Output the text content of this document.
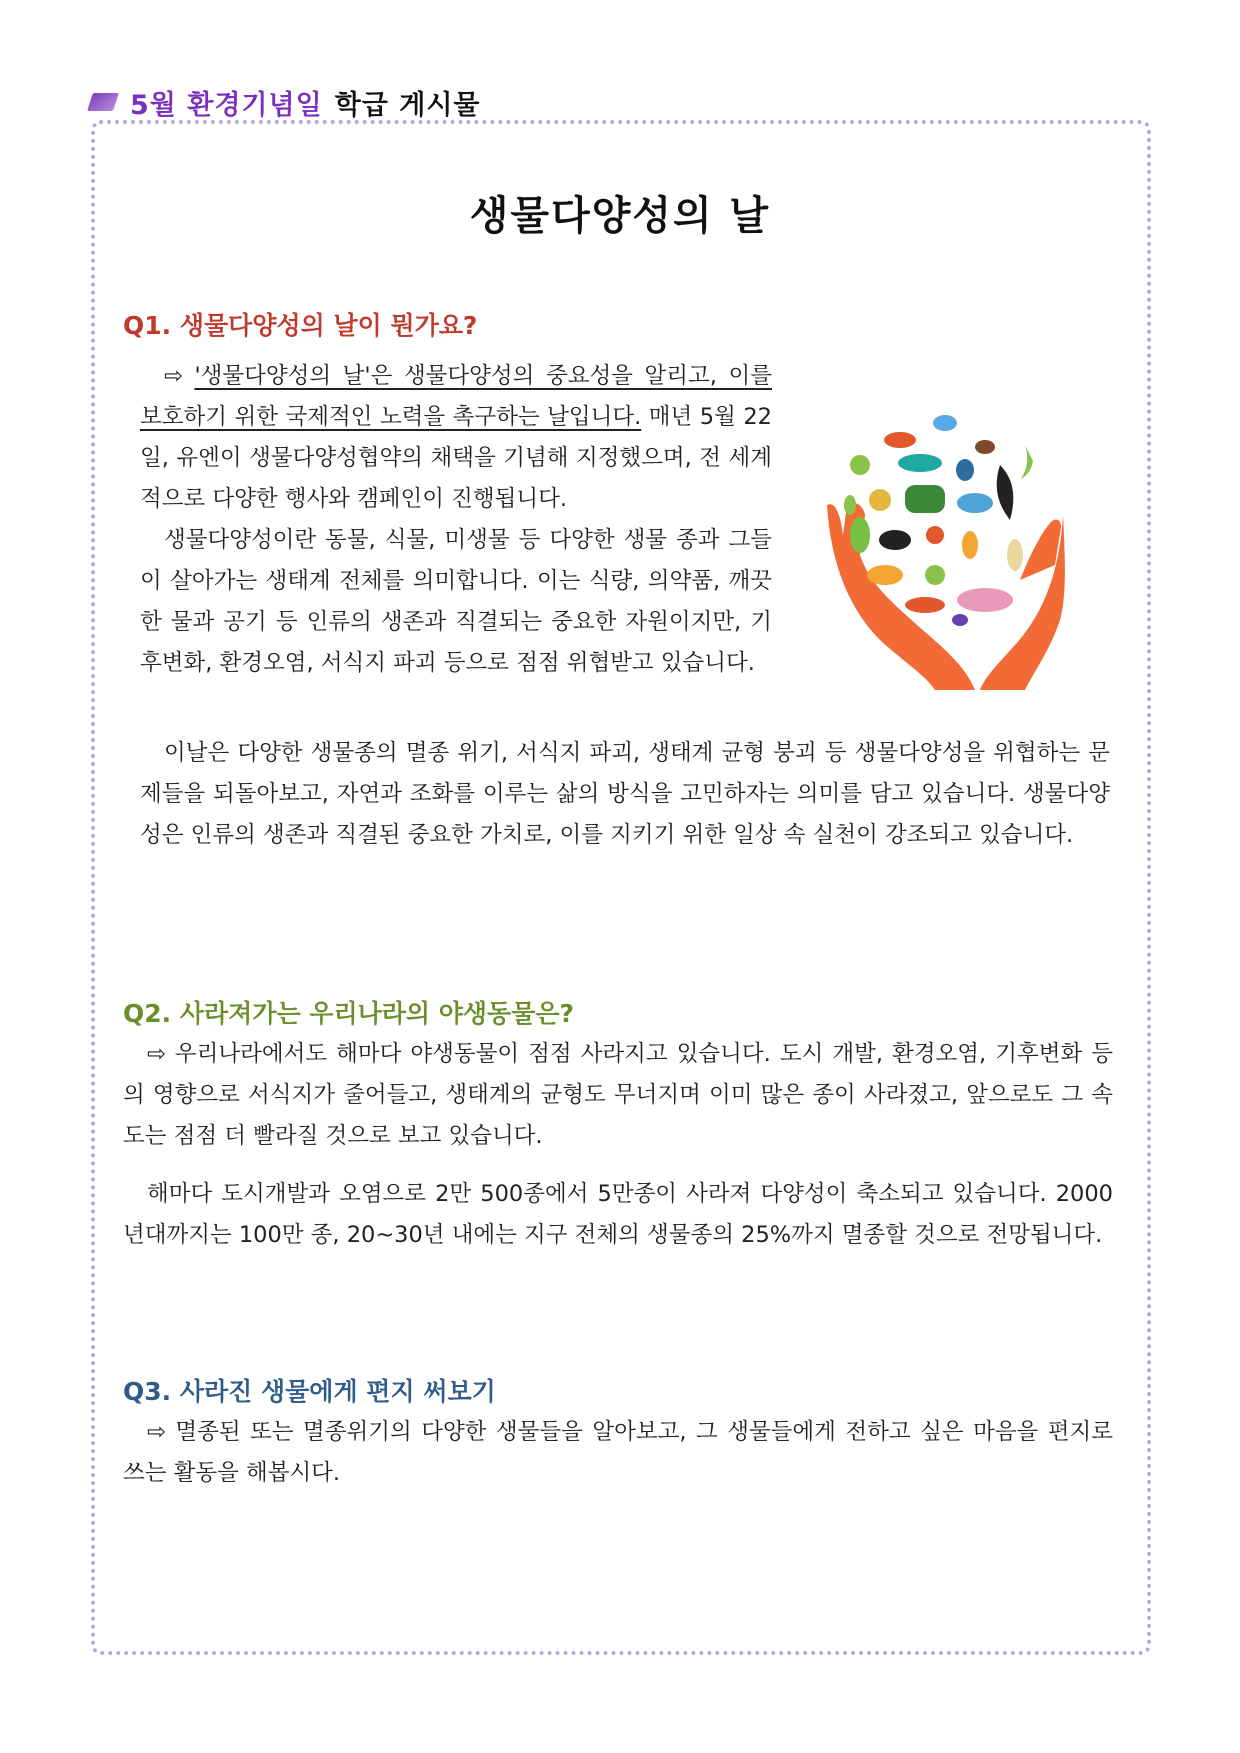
5월 환경기념일 학급 게시물
생물다양성의 날
Q1. 생물다양성의 날이 뭔가요?
⇨ '생물다양성의 날'은 생물다양성의 중요성을 알리고, 이를 보호하기 위한 국제적인 노력을 촉구하는 날입니다. 매년 5월 22일, 유엔이 생물다양성협약의 채택을 기념해 지정했으며, 전 세계적으로 다양한 행사와 캠페인이 진행됩니다.
생물다양성이란 동물, 식물, 미생물 등 다양한 생물 종과 그들이 살아가는 생태계 전체를 의미합니다. 이는 식량, 의약품, 깨끗한 물과 공기 등 인류의 생존과 직결되는 중요한 자원이지만, 기후변화, 환경오염, 서식지 파괴 등으로 점점 위협받고 있습니다.
이날은 다양한 생물종의 멸종 위기, 서식지 파괴, 생태계 균형 붕괴 등 생물다양성을 위협하는 문제들을 되돌아보고, 자연과 조화를 이루는 삶의 방식을 고민하자는 의미를 담고 있습니다. 생물다양성은 인류의 생존과 직결된 중요한 가치로, 이를 지키기 위한 일상 속 실천이 강조되고 있습니다.
Q2. 사라져가는 우리나라의 야생동물은?
⇨ 우리나라에서도 해마다 야생동물이 점점 사라지고 있습니다. 도시 개발, 환경오염, 기후변화 등의 영향으로 서식지가 줄어들고, 생태계의 균형도 무너지며 이미 많은 종이 사라졌고, 앞으로도 그 속도는 점점 더 빨라질 것으로 보고 있습니다.
해마다 도시개발과 오염으로 2만 500종에서 5만종이 사라져 다양성이 축소되고 있습니다. 2000년대까지는 100만 종, 20~30년 내에는 지구 전체의 생물종의 25%까지 멸종할 것으로 전망됩니다.
Q3. 사라진 생물에게 편지 써보기
⇨ 멸종된 또는 멸종위기의 다양한 생물들을 알아보고, 그 생물들에게 전하고 싶은 마음을 편지로 쓰는 활동을 해봅시다.
